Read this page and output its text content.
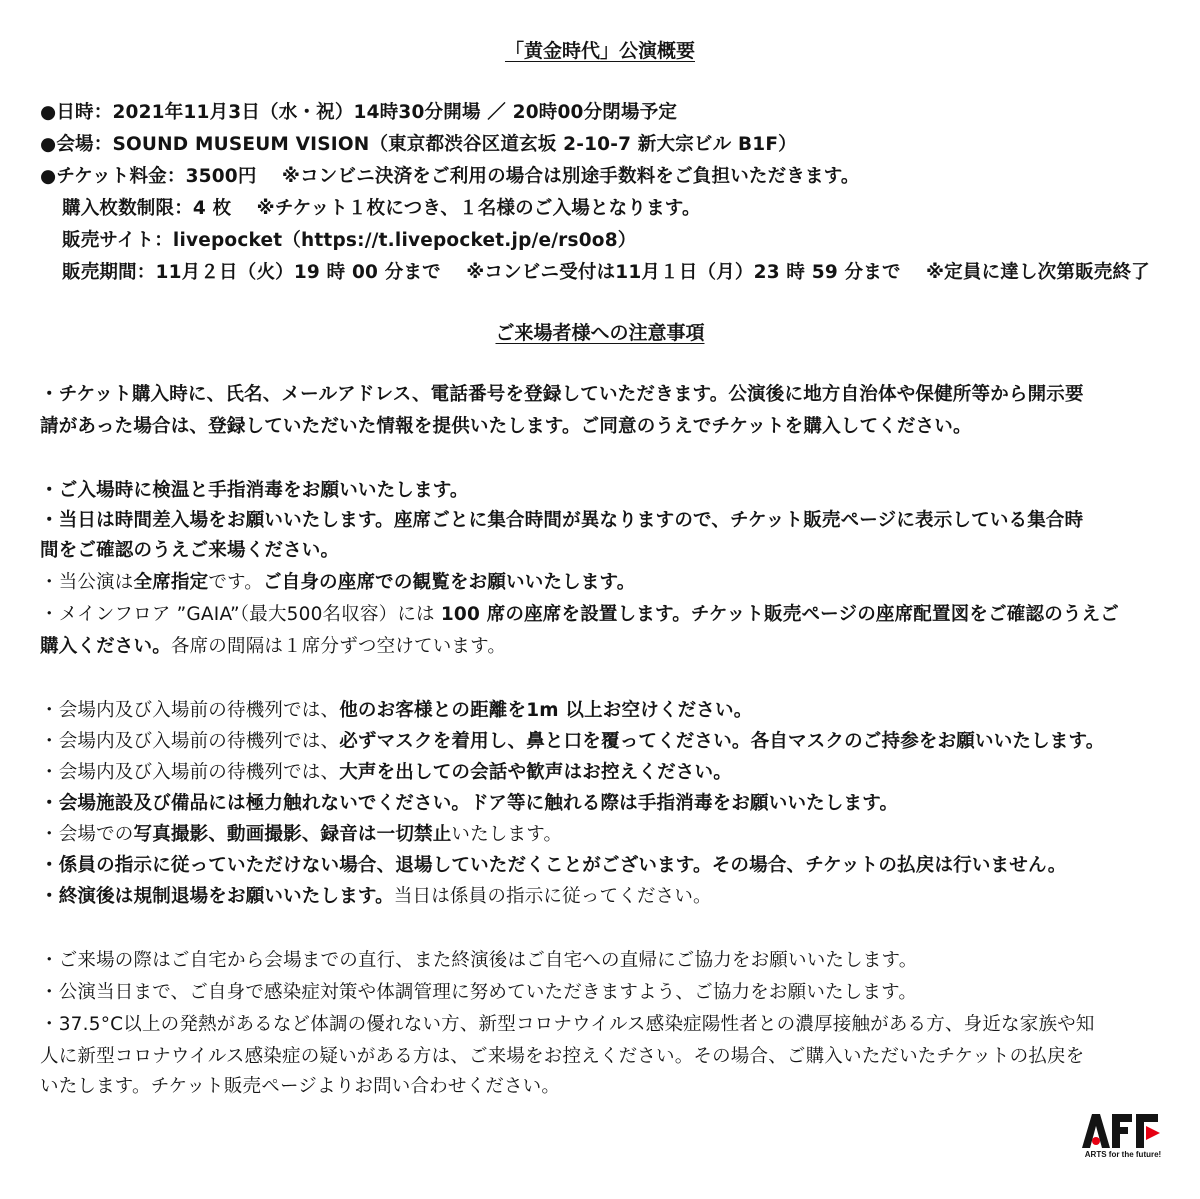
「黄金時代」公演概要
●日時：2021年11月3日（水・祝）14時30分開場 ／ 20時00分閉場予定
●会場：SOUND MUSEUM VISION（東京都渋谷区道玄坂 2-10-7 新大宗ビル B1F）
●チケット料金：3500円 　※コンビニ決済をご利用の場合は別途手数料をご負担いただきます。
購入枚数制限：4 枚 　※チケット１枚につき、１名様のご入場となります。
販売サイト：livepocket（https://t.livepocket.jp/e/rs0o8）
販売期間：11月２日（火）19 時 00 分まで　 ※コンビニ受付は11月１日（月）23 時 59 分まで　 ※定員に達し次第販売終了
ご来場者様への注意事項
・チケット購入時に、氏名、メールアドレス、電話番号を登録していただきます。公演後に地方自治体や保健所等から開示要
請があった場合は、登録していただいた情報を提供いたします。ご同意のうえでチケットを購入してください。
・ご入場時に検温と手指消毒をお願いいたします。
・当日は時間差入場をお願いいたします。座席ごとに集合時間が異なりますので、チケット販売ページに表示している集合時
間をご確認のうえご来場ください。
・当公演は全席指定です。ご自身の座席での観覧をお願いいたします。
・メインフロア ”GAIA”（最大500名収容）には 100 席の座席を設置します。チケット販売ページの座席配置図をご確認のうえご
購入ください。各席の間隔は１席分ずつ空けています。
・会場内及び入場前の待機列では、他のお客様との距離を1m 以上お空けください。
・会場内及び入場前の待機列では、必ずマスクを着用し、鼻と口を覆ってください。各自マスクのご持参をお願いいたします。
・会場内及び入場前の待機列では、大声を出しての会話や歓声はお控えください。
・会場施設及び備品には極力触れないでください。ドア等に触れる際は手指消毒をお願いいたします。
・会場での写真撮影、動画撮影、録音は一切禁止いたします。
・係員の指示に従っていただけない場合、退場していただくことがございます。その場合、チケットの払戻は行いません。
・終演後は規制退場をお願いいたします。当日は係員の指示に従ってください。
・ご来場の際はご自宅から会場までの直行、また終演後はご自宅への直帰にご協力をお願いいたします。
・公演当日まで、ご自身で感染症対策や体調管理に努めていただきますよう、ご協力をお願いたします。
・37.5°C以上の発熱があるなど体調の優れない方、新型コロナウイルス感染症陽性者との濃厚接触がある方、身近な家族や知
人に新型コロナウイルス感染症の疑いがある方は、ご来場をお控えください。その場合、ご購入いただいたチケットの払戻を
いたします。チケット販売ページよりお問い合わせください。
ARTS for the future!
